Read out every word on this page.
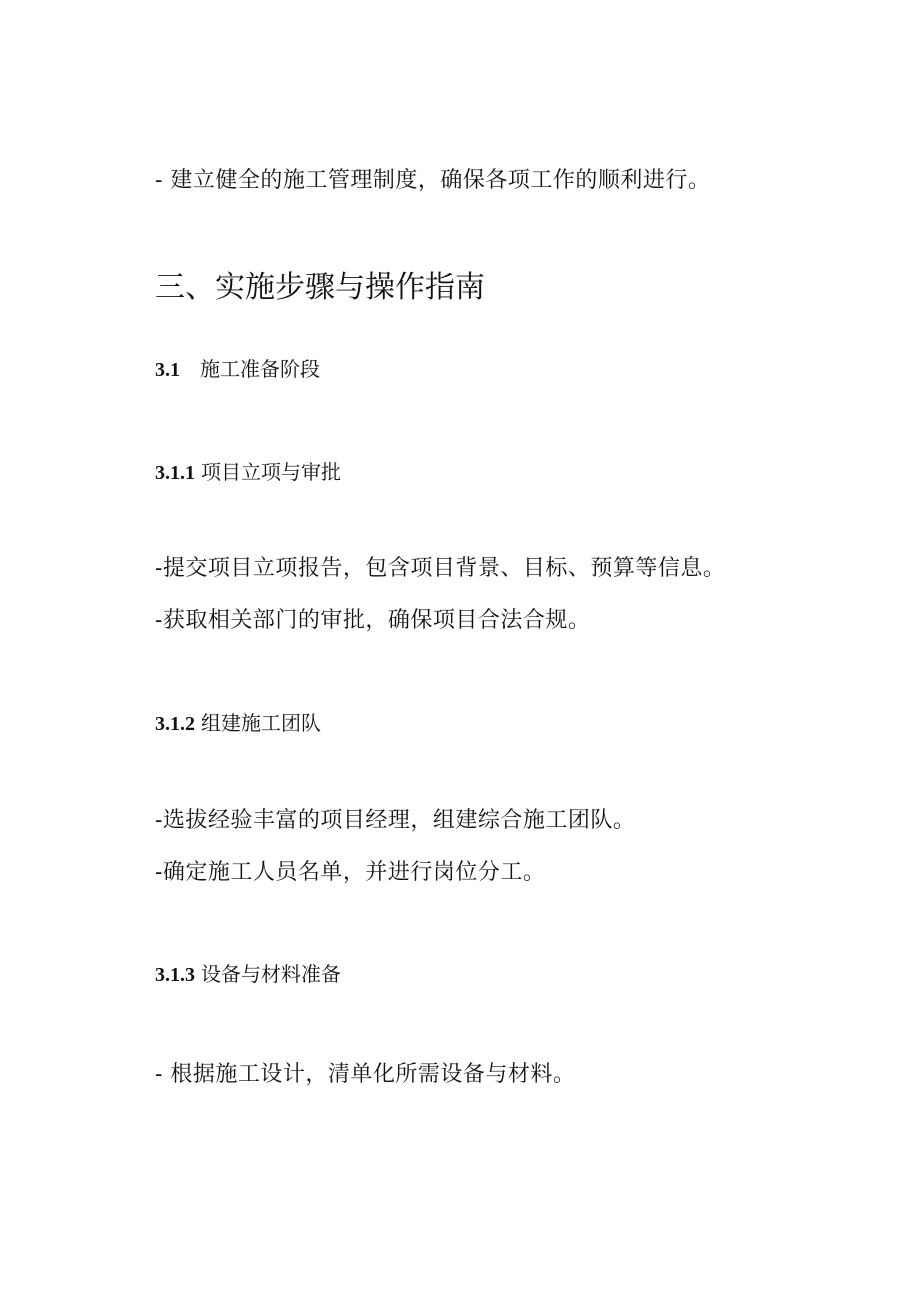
- 建立健全的施工管理制度，确保各项工作的顺利进行。

三、实施步骤与操作指南
3.1 施工准备阶段
3.1.1 项目立项与审批

-提交项目立项报告，包含项目背景、目标、预算等信息。

-获取相关部门的审批，确保项目合法合规。

3.1.2 组建施工团队

-选拔经验丰富的项目经理，组建综合施工团队。

-确定施工人员名单，并进行岗位分工。

3.1.3 设备与材料准备

- 根据施工设计，清单化所需设备与材料。
